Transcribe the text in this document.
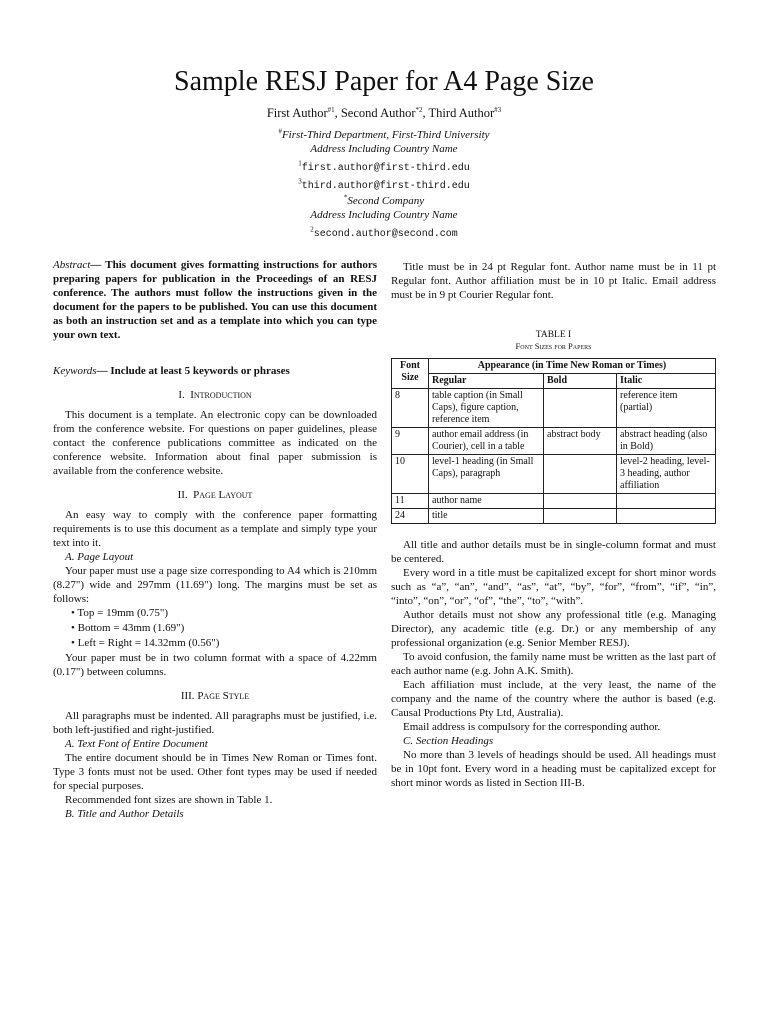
Sample RESJ Paper for A4 Page Size
First Author$^{\#1}$, Second Author$^{*2}$, Third Author$^{\#3}$
#First-Third Department, First-Third University
Address Including Country Name
$^1$first.author@first-third.edu
$^3$third.author@first-third.edu
*Second Company
Address Including Country Name
$^2$second.author@second.com

Abstract— This document gives formatting instructions for authors preparing papers for publication in the Proceedings of an RESJ conference. The authors must follow the instructions given in the document for the papers to be published. You can use this document as both an instruction set and as a template into which you can type your own text.

Keywords— Include at least 5 keywords or phrases

I. Introduction

This document is a template. An electronic copy can be downloaded from the conference website. For questions on paper guidelines, please contact the conference publications committee as indicated on the conference website. Information about final paper submission is available from the conference website.

II. Page Layout

An easy way to comply with the conference paper formatting requirements is to use this document as a template and simply type your text into it.

A. Page Layout

Your paper must use a page size corresponding to A4 which is 210mm (8.27") wide and 297mm (11.69") long. The margins must be set as follows:

• Top = 19mm (0.75")
• Bottom = 43mm (1.69")
• Left = Right = 14.32mm (0.56")

Your paper must be in two column format with a space of 4.22mm (0.17") between columns.

III. Page Style

All paragraphs must be indented. All paragraphs must be justified, i.e. both left-justified and right-justified.

A. Text Font of Entire Document

The entire document should be in Times New Roman or Times font. Type 3 fonts must not be used. Other font types may be used if needed for special purposes.

Recommended font sizes are shown in Table 1.

B. Title and Author Details

Title must be in 24 pt Regular font. Author name must be in 11 pt Regular font. Author affiliation must be in 10 pt Italic. Email address must be in 9 pt Courier Regular font.

TABLE I
Font Sizes for Papers
Font Size	Appearance (in Time New Roman or Times)		
	Regular	Bold	Italic
8	table caption (in Small Caps), figure caption, reference item		reference item (partial)
9	author email address (in Courier), cell in a table	abstract body	abstract heading (also in Bold)
10	level-1 heading (in Small Caps), paragraph		level-2 heading, level-3 heading, author affiliation
11	author name		
24	title		

All title and author details must be in single-column format and must be centered.

Every word in a title must be capitalized except for short minor words such as “a”, “an”, “and”, “as”, “at”, “by”, “for”, “from”, “if”, “in”, “into”, “on”, “or”, “of”, “the”, “to”, “with”.

Author details must not show any professional title (e.g. Managing Director), any academic title (e.g. Dr.) or any membership of any professional organization (e.g. Senior Member RESJ).

To avoid confusion, the family name must be written as the last part of each author name (e.g. John A.K. Smith).

Each affiliation must include, at the very least, the name of the company and the name of the country where the author is based (e.g. Causal Productions Pty Ltd, Australia).

Email address is compulsory for the corresponding author.

C. Section Headings

No more than 3 levels of headings should be used. All headings must be in 10pt font. Every word in a heading must be capitalized except for short minor words as listed in Section III-B.
